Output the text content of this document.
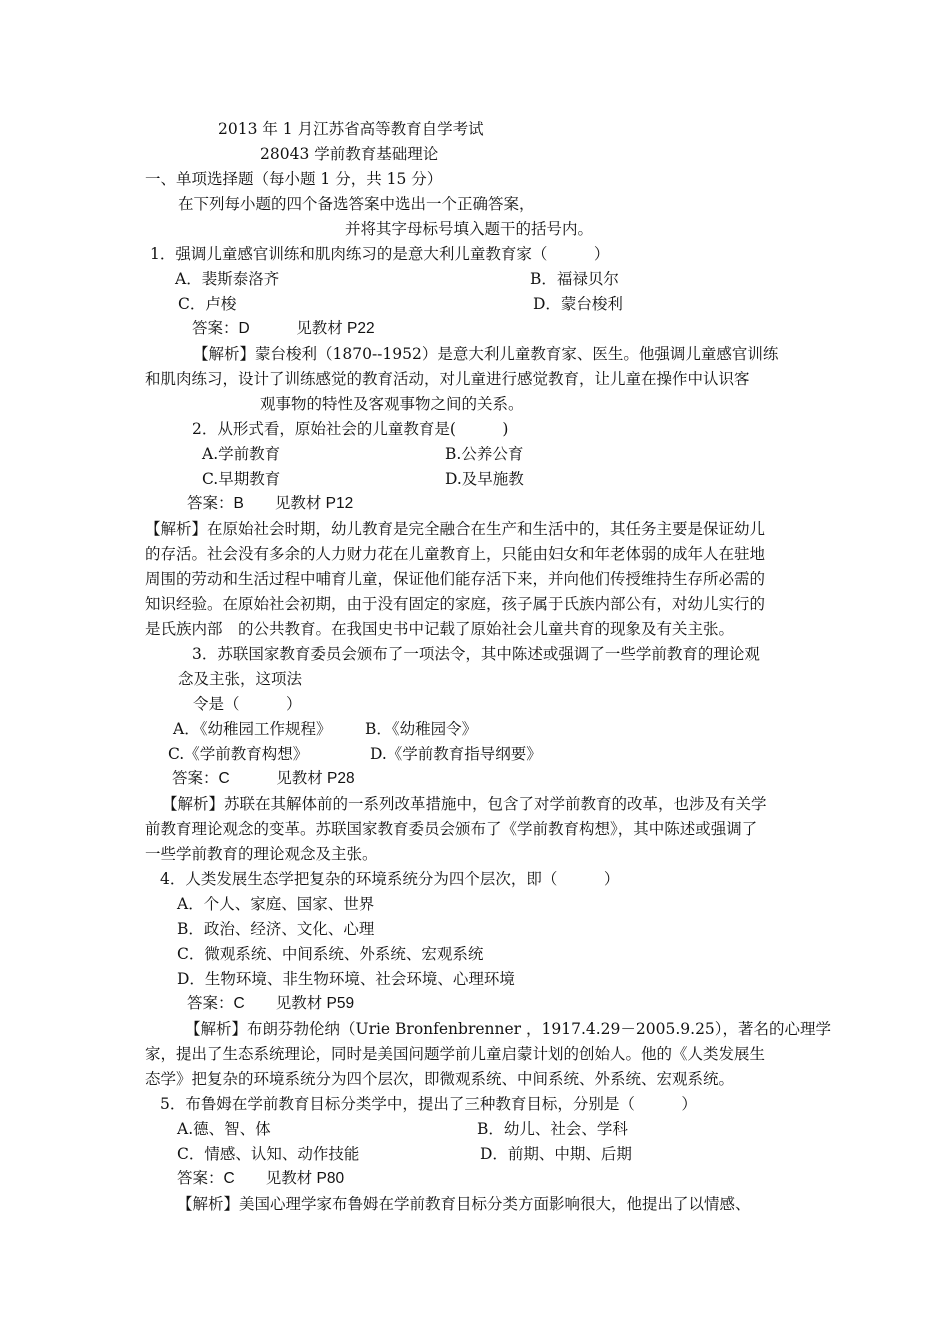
2013 年 1 月江苏省高等教育自学考试
28043 学前教育基础理论
一、单项选择题（每小题 1 分，共 15 分）
在下列每小题的四个备选答案中选出一个正确答案，
并将其字母标号填入题干的括号内。
1．强调儿童感官训练和肌肉练习的是意大利儿童教育家（　　　）
A．裴斯泰洛齐	B．福禄贝尔
C．卢梭	D．蒙台梭利
答案：D　　　见教材 P22
【解析】蒙台梭利（1870--1952）是意大利儿童教育家、医生。他强调儿童感官训练
和肌肉练习，设计了训练感觉的教育活动，对儿童进行感觉教育，让儿童在操作中认识客
观事物的特性及客观事物之间的关系。
2．从形式看，原始社会的儿童教育是(　　　)
A.学前教育	B.公养公育
C.早期教育	D.及早施教
答案：B　　见教材 P12
【解析】在原始社会时期，幼儿教育是完全融合在生产和生活中的，其任务主要是保证幼儿
的存活。社会没有多余的人力财力花在儿童教育上，只能由妇女和年老体弱的成年人在驻地
周围的劳动和生活过程中哺育儿童，保证他们能存活下来，并向他们传授维持生存所必需的
知识经验。在原始社会初期，由于没有固定的家庭，孩子属于氏族内部公有，对幼儿实行的
是氏族内部　的公共教育。在我国史书中记载了原始社会儿童共育的现象及有关主张。
3．苏联国家教育委员会颁布了一项法令，其中陈述或强调了一些学前教育的理论观
念及主张，这项法
令是（　　　）
A．《幼稚园工作规程》 B．《幼稚园令》
C.《学前教育构想》	D.《学前教育指导纲要》
答案：C　　　见教材 P28
【解析】苏联在其解体前的一系列改革措施中，包含了对学前教育的改革，也涉及有关学
前教育理论观念的变革。苏联国家教育委员会颁布了《学前教育构想》，其中陈述或强调了
一些学前教育的理论观念及主张。
4．人类发展生态学把复杂的环境系统分为四个层次，即（　　　）
A．个人、家庭、国家、世界
B．政治、经济、文化、心理
C．微观系统、中间系统、外系统、宏观系统
D．生物环境、非生物环境、社会环境、心理环境
答案：C　　见教材 P59
【解析】布朗芬勃伦纳（Urie Bronfenbrenner ，1917.4.29－2005.9.25），著名的心理学
家，提出了生态系统理论，同时是美国问题学前儿童启蒙计划的创始人。他的《人类发展生
态学》把复杂的环境系统分为四个层次，即微观系统、中间系统、外系统、宏观系统。
5．布鲁姆在学前教育目标分类学中，提出了三种教育目标，分别是（　　　）
A.德、智、体	B．幼儿、社会、学科
C．情感、认知、动作技能	D．前期、中期、后期
答案：C　　见教材 P80
【解析】美国心理学家布鲁姆在学前教育目标分类方面影响很大，他提出了以情感、
